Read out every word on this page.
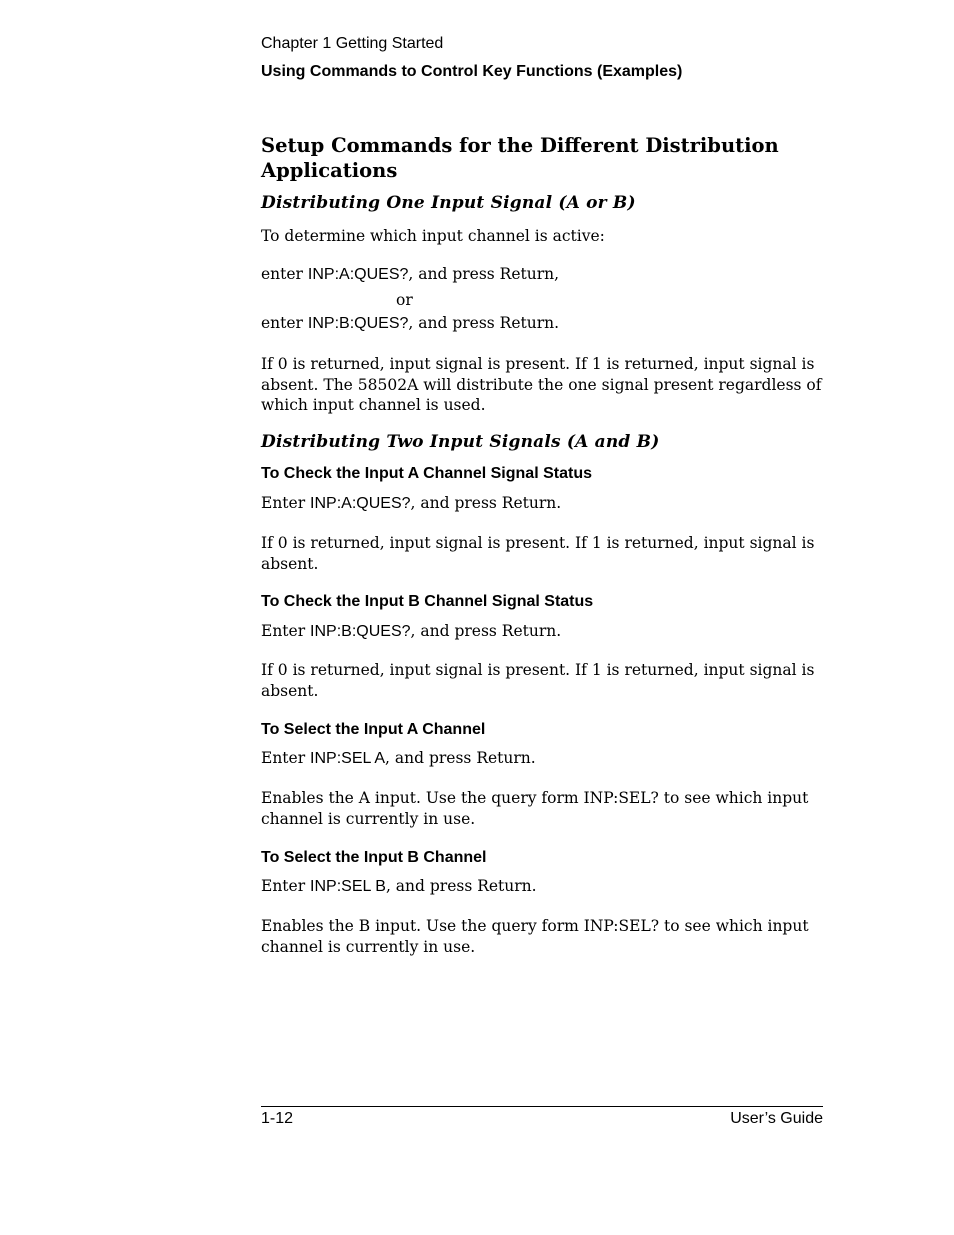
Chapter 1 Getting Started
Using Commands to Control Key Functions (Examples)
Setup Commands for the Different Distribution Applications
Distributing One Input Signal (A or B)
To determine which input channel is active:
enter INP:A:QUES?, and press Return,
or
enter INP:B:QUES?, and press Return.
If 0 is returned, input signal is present. If 1 is returned, input signal is absent. The 58502A will distribute the one signal present regardless of which input channel is used.
Distributing Two Input Signals (A and B)
To Check the Input A Channel Signal Status
Enter INP:A:QUES?, and press Return.
If 0 is returned, input signal is present. If 1 is returned, input signal is absent.
To Check the Input B Channel Signal Status
Enter INP:B:QUES?, and press Return.
If 0 is returned, input signal is present. If 1 is returned, input signal is absent.
To Select the Input A Channel
Enter INP:SEL A, and press Return.
Enables the A input. Use the query form INP:SEL? to see which input channel is currently in use.
To Select the Input B Channel
Enter INP:SEL B, and press Return.
Enables the B input. Use the query form INP:SEL? to see which input channel is currently in use.
1-12	User’s Guide
